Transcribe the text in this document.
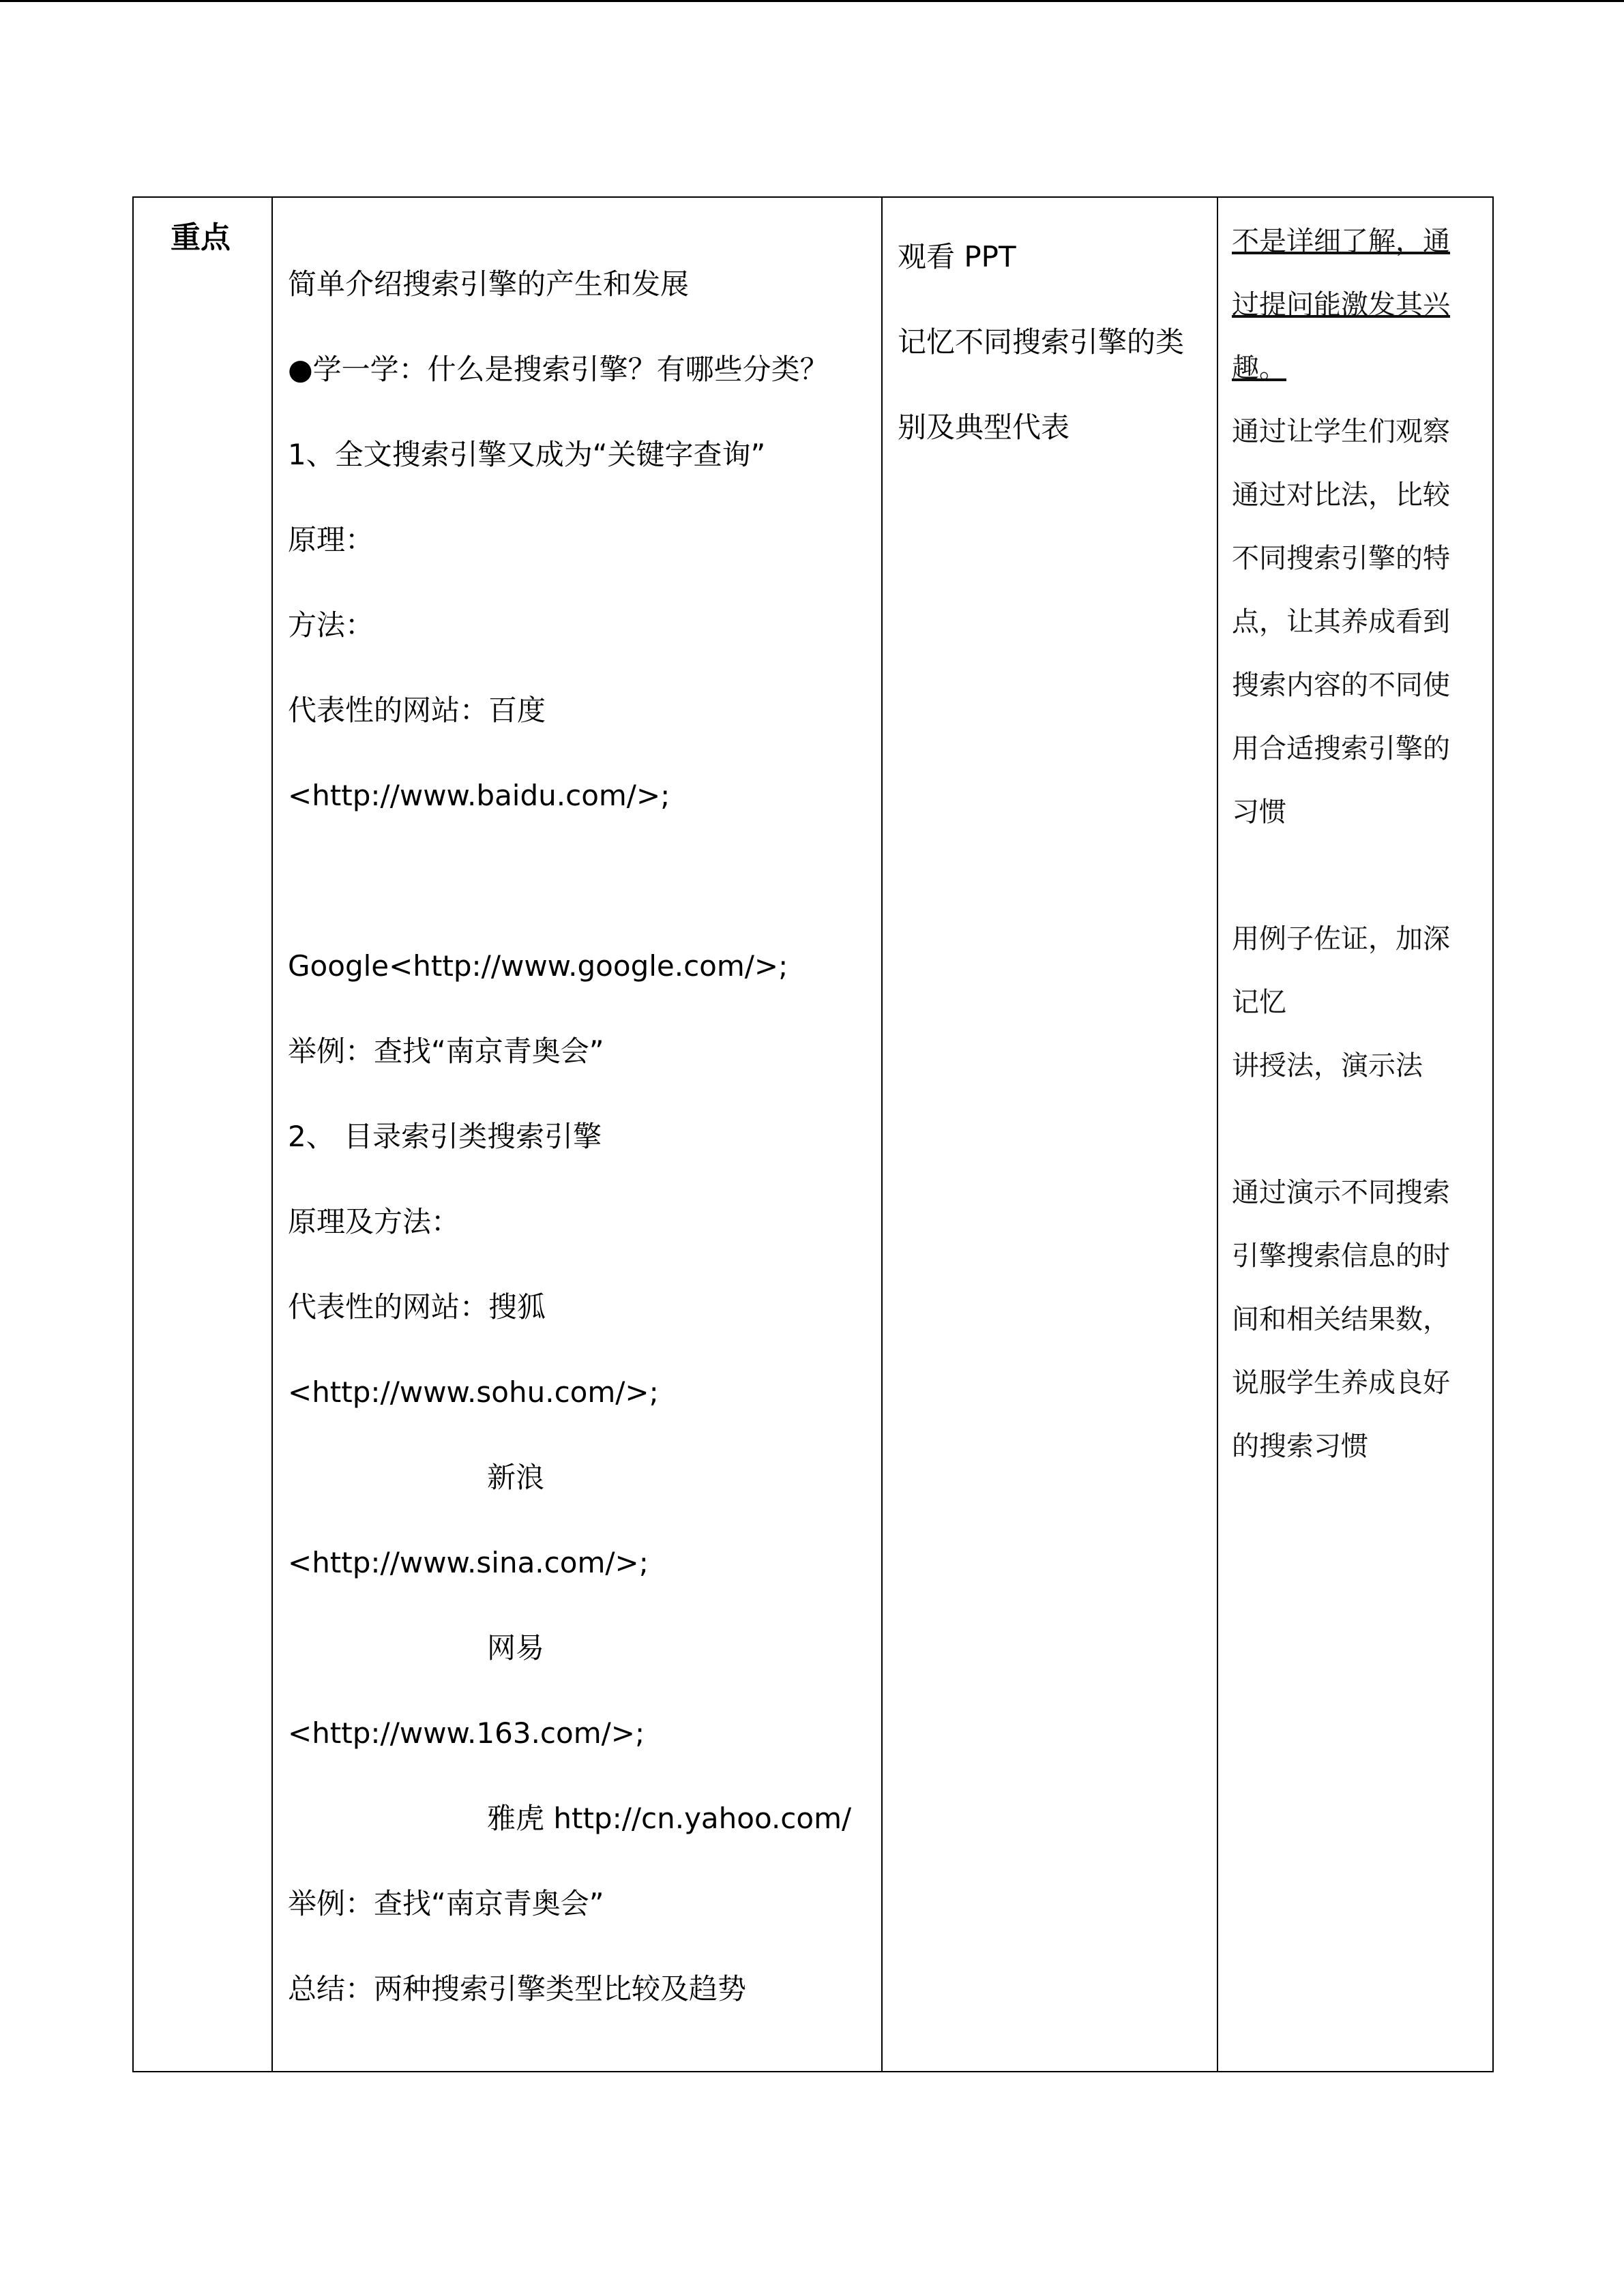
重点

简单介绍搜索引擎的产生和发展
●学一学：什么是搜索引擎？有哪些分类？
1、全文搜索引擎又成为“关键字查询”
原理：
方法：
代表性的网站：百度
<http://www.baidu.com/>;
Google<http://www.google.com/>;
举例：查找“南京青奥会”
2、 目录索引类搜索引擎
原理及方法：
代表性的网站：搜狐
<http://www.sohu.com/>;
新浪
<http://www.sina.com/>;
网易
<http://www.163.com/>;
雅虎 http://cn.yahoo.com/
举例：查找“南京青奥会”
总结：两种搜索引擎类型比较及趋势

观看 PPT
记忆不同搜索引擎的类
别及典型代表

不是详细了解，通
过提问能激发其兴
趣。
通过让学生们观察
通过对比法，比较
不同搜索引擎的特
点，让其养成看到
搜索内容的不同使
用合适搜索引擎的
习惯
用例子佐证，加深
记忆
讲授法，演示法
通过演示不同搜索
引擎搜索信息的时
间和相关结果数，
说服学生养成良好
的搜索习惯
